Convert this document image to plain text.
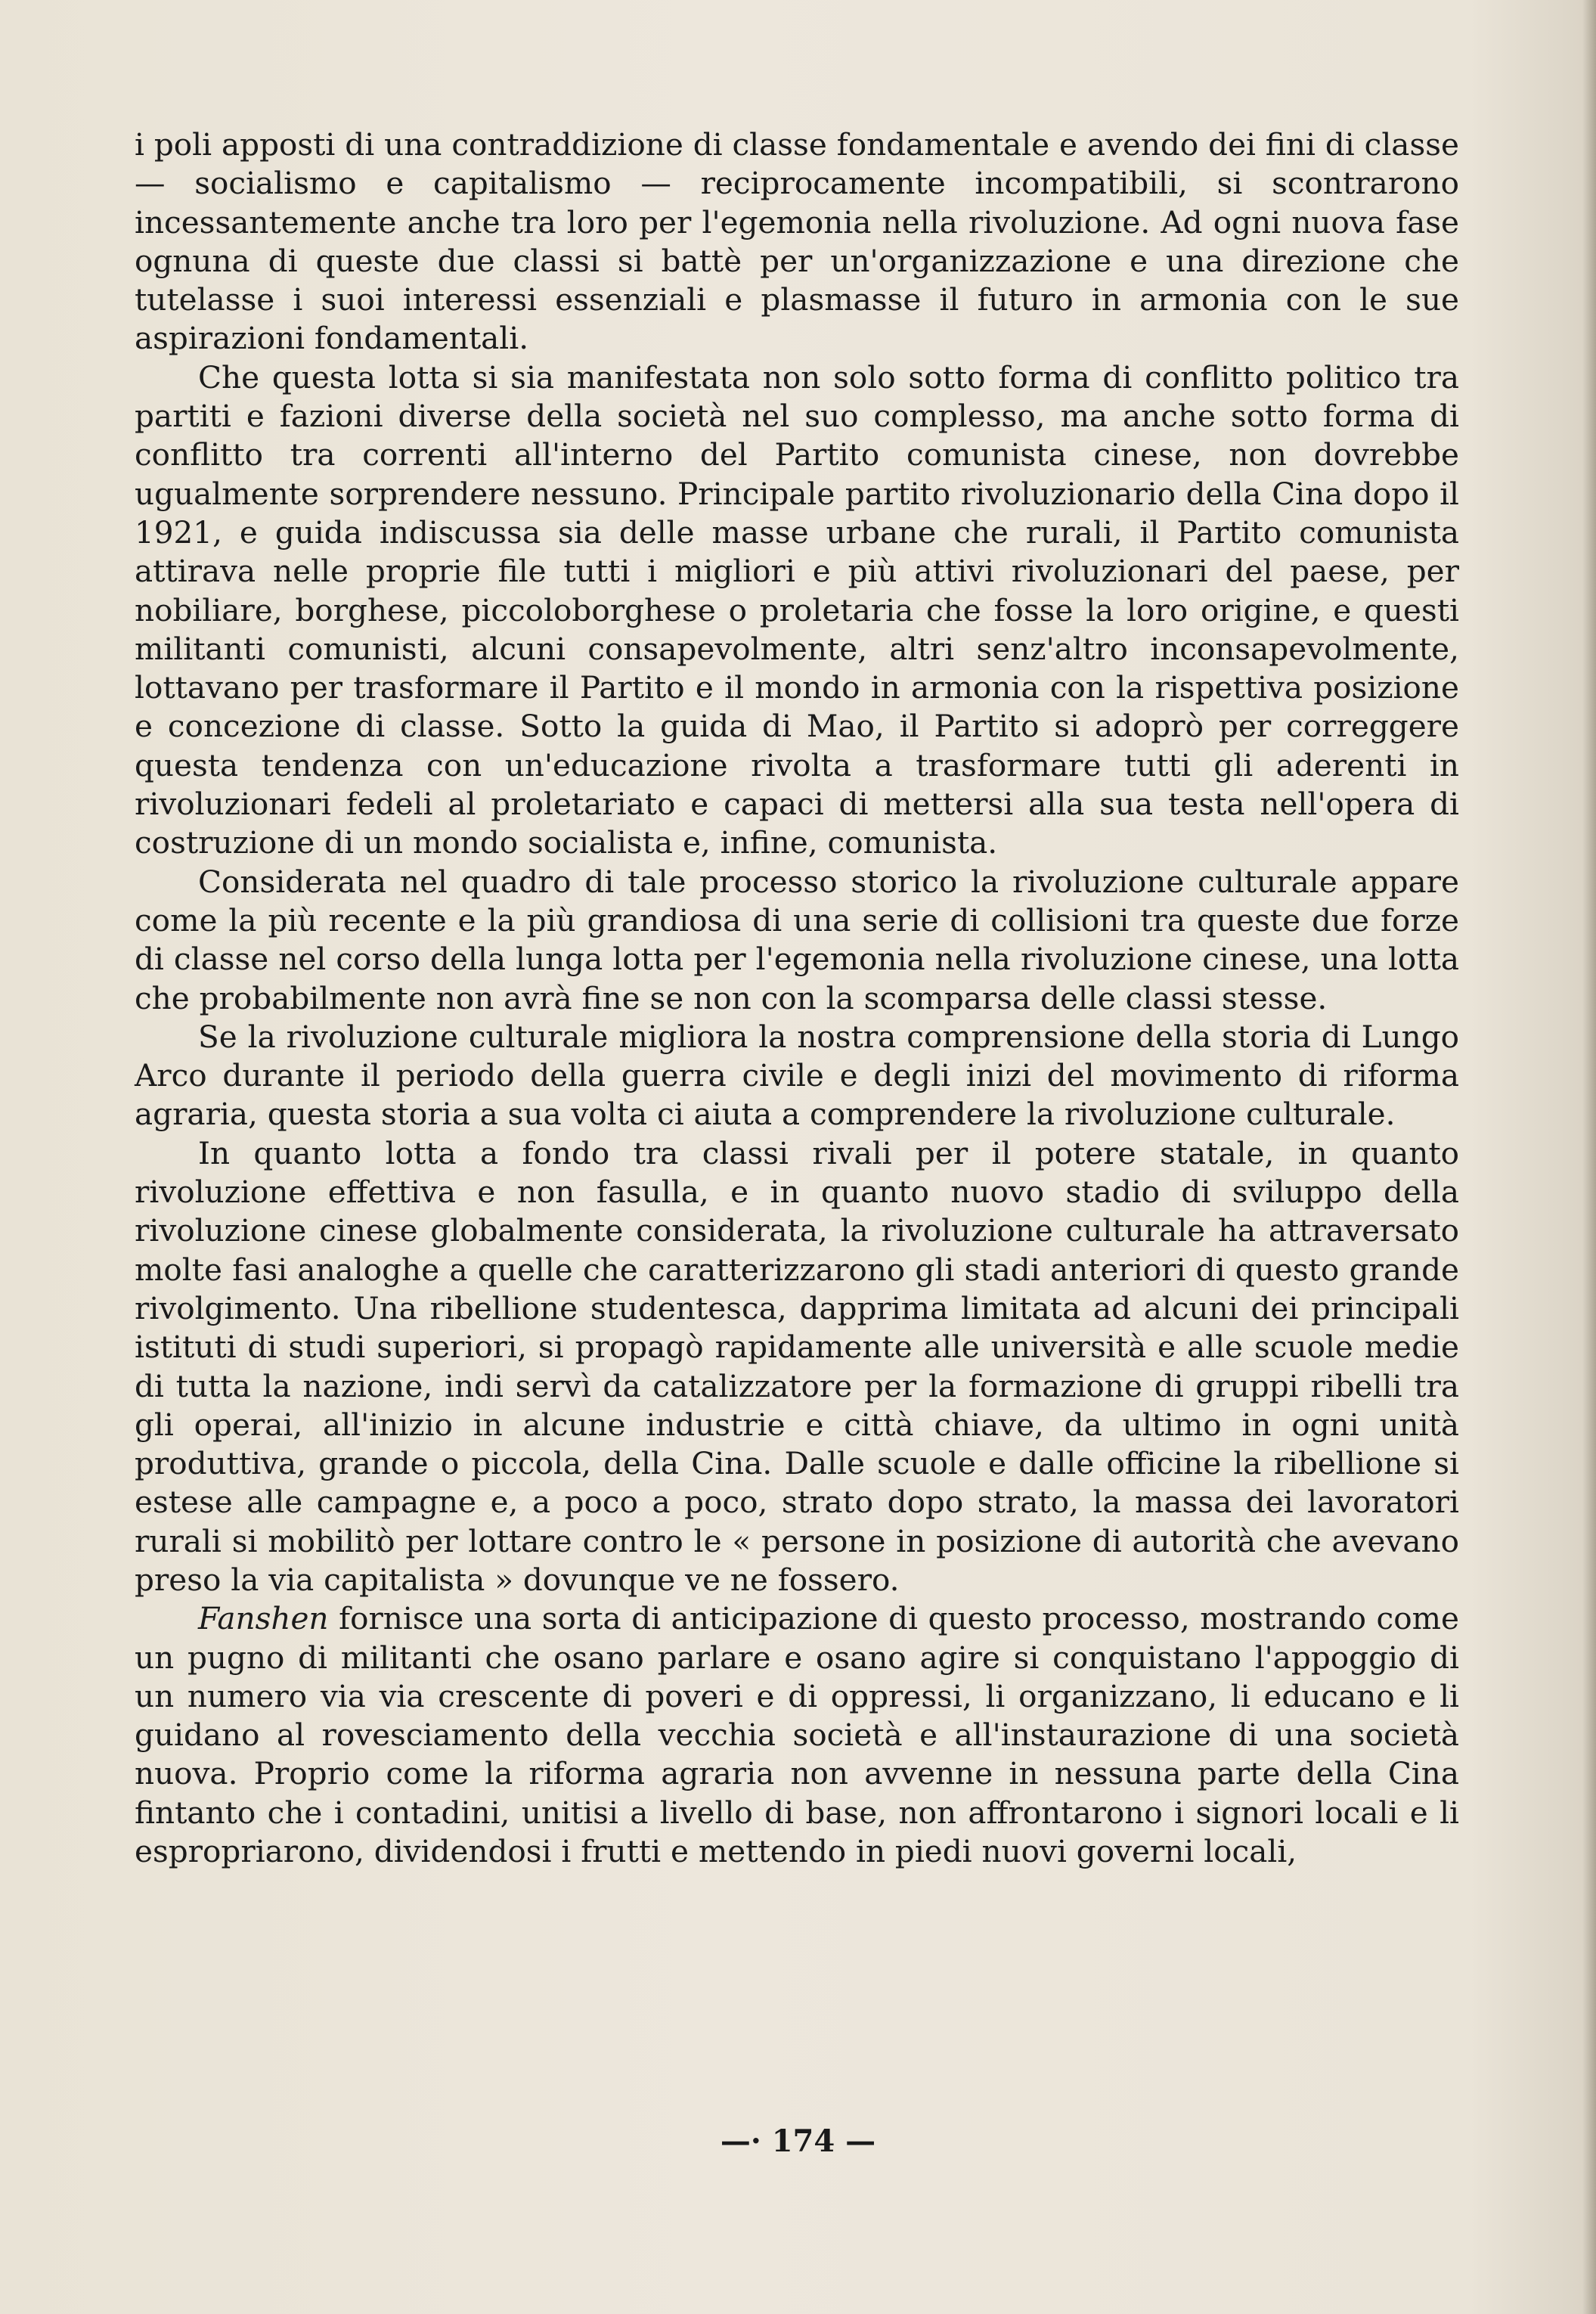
i poli apposti di una contraddizione di classe fondamentale e avendo dei fini di classe — socialismo e capitalismo — reciprocamente incompatibili, si scontrarono incessantemente anche tra loro per l'egemonia nella rivoluzione. Ad ogni nuova fase ognuna di queste due classi si battè per un'organizzazione e una direzione che tutelasse i suoi interessi essenziali e plasmasse il futuro in armonia con le sue aspirazioni fondamentali.

Che questa lotta si sia manifestata non solo sotto forma di conflitto politico tra partiti e fazioni diverse della società nel suo complesso, ma anche sotto forma di conflitto tra correnti all'interno del Partito comunista cinese, non dovrebbe ugualmente sorprendere nessuno. Principale partito rivoluzionario della Cina dopo il 1921, e guida indiscussa sia delle masse urbane che rurali, il Partito comunista attirava nelle proprie file tutti i migliori e più attivi rivoluzionari del paese, per nobiliare, borghese, piccoloborghese o proletaria che fosse la loro origine, e questi militanti comunisti, alcuni consapevolmente, altri senz'altro inconsapevolmente, lottavano per trasformare il Partito e il mondo in armonia con la rispettiva posizione e concezione di classe. Sotto la guida di Mao, il Partito si adoprò per correggere questa tendenza con un'educazione rivolta a trasformare tutti gli aderenti in rivoluzionari fedeli al proletariato e capaci di mettersi alla sua testa nell'opera di costruzione di un mondo socialista e, infine, comunista.

Considerata nel quadro di tale processo storico la rivoluzione culturale appare come la più recente e la più grandiosa di una serie di collisioni tra queste due forze di classe nel corso della lunga lotta per l'egemonia nella rivoluzione cinese, una lotta che probabilmente non avrà fine se non con la scomparsa delle classi stesse.

Se la rivoluzione culturale migliora la nostra comprensione della storia di Lungo Arco durante il periodo della guerra civile e degli inizi del movimento di riforma agraria, questa storia a sua volta ci aiuta a comprendere la rivoluzione culturale.

In quanto lotta a fondo tra classi rivali per il potere statale, in quanto rivoluzione effettiva e non fasulla, e in quanto nuovo stadio di sviluppo della rivoluzione cinese globalmente considerata, la rivoluzione culturale ha attraversato molte fasi analoghe a quelle che caratterizzarono gli stadi anteriori di questo grande rivolgimento. Una ribellione studentesca, dapprima limitata ad alcuni dei principali istituti di studi superiori, si propagò rapidamente alle università e alle scuole medie di tutta la nazione, indi servì da catalizzatore per la formazione di gruppi ribelli tra gli operai, all'inizio in alcune industrie e città chiave, da ultimo in ogni unità produttiva, grande o piccola, della Cina. Dalle scuole e dalle officine la ribellione si estese alle campagne e, a poco a poco, strato dopo strato, la massa dei lavoratori rurali si mobilitò per lottare contro le « persone in posizione di autorità che avevano preso la via capitalista » dovunque ve ne fossero.

Fanshen fornisce una sorta di anticipazione di questo processo, mostrando come un pugno di militanti che osano parlare e osano agire si conquistano l'appoggio di un numero via via crescente di poveri e di oppressi, li organizzano, li educano e li guidano al rovesciamento della vecchia società e all'instaurazione di una società nuova. Proprio come la riforma agraria non avvenne in nessuna parte della Cina fintanto che i contadini, unitisi a livello di base, non affrontarono i signori locali e li espropriarono, dividendosi i frutti e mettendo in piedi nuovi governi locali,

—· 174 —
